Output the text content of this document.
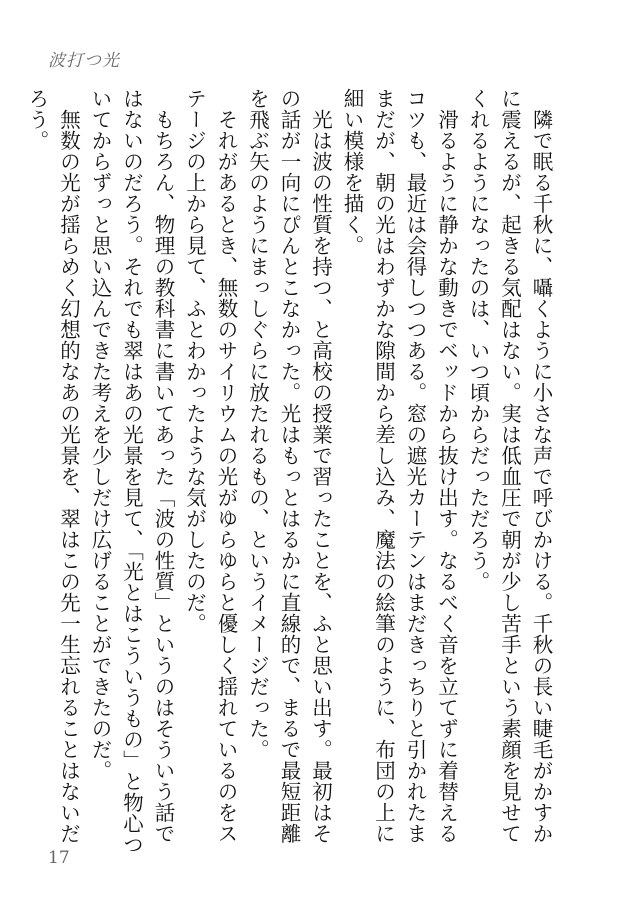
波打つ光

隣で眠る千秋に、囁くように小さな声で呼びかける。千秋の長い睫毛がかすかに震えるが、起きる気配はない。実は低血圧で朝が少し苦手という素顔を見せてくれるようになったのは、いつ頃からだっただろう。

滑るように静かな動きでベッドから抜け出す。なるべく音を立てずに着替えるコツも、最近は会得しつつある。窓の遮光カーテンはまだきっちりと引かれたままだが、朝の光はわずかな隙間から差し込み、魔法の絵筆のように、布団の上に細い模様を描く。

光は波の性質を持つ、と高校の授業で習ったことを、ふと思い出す。最初はその話が一向にぴんとこなかった。光はもっとはるかに直線的で、まるで最短距離を飛ぶ矢のようにまっしぐらに放たれるもの、というイメージだった。

それがあるとき、無数のサイリウムの光がゆらゆらと優しく揺れているのをステージの上から見て、ふとわかったような気がしたのだ。

もちろん、物理の教科書に書いてあった「波の性質」というのはそういう話ではないのだろう。それでも翠はあの光景を見て、「光とはこういうもの」と物心ついてからずっと思い込んできた考えを少しだけ広げることができたのだ。

無数の光が揺らめく幻想的なあの光景を、翠はこの先一生忘れることはないだろう。

17
